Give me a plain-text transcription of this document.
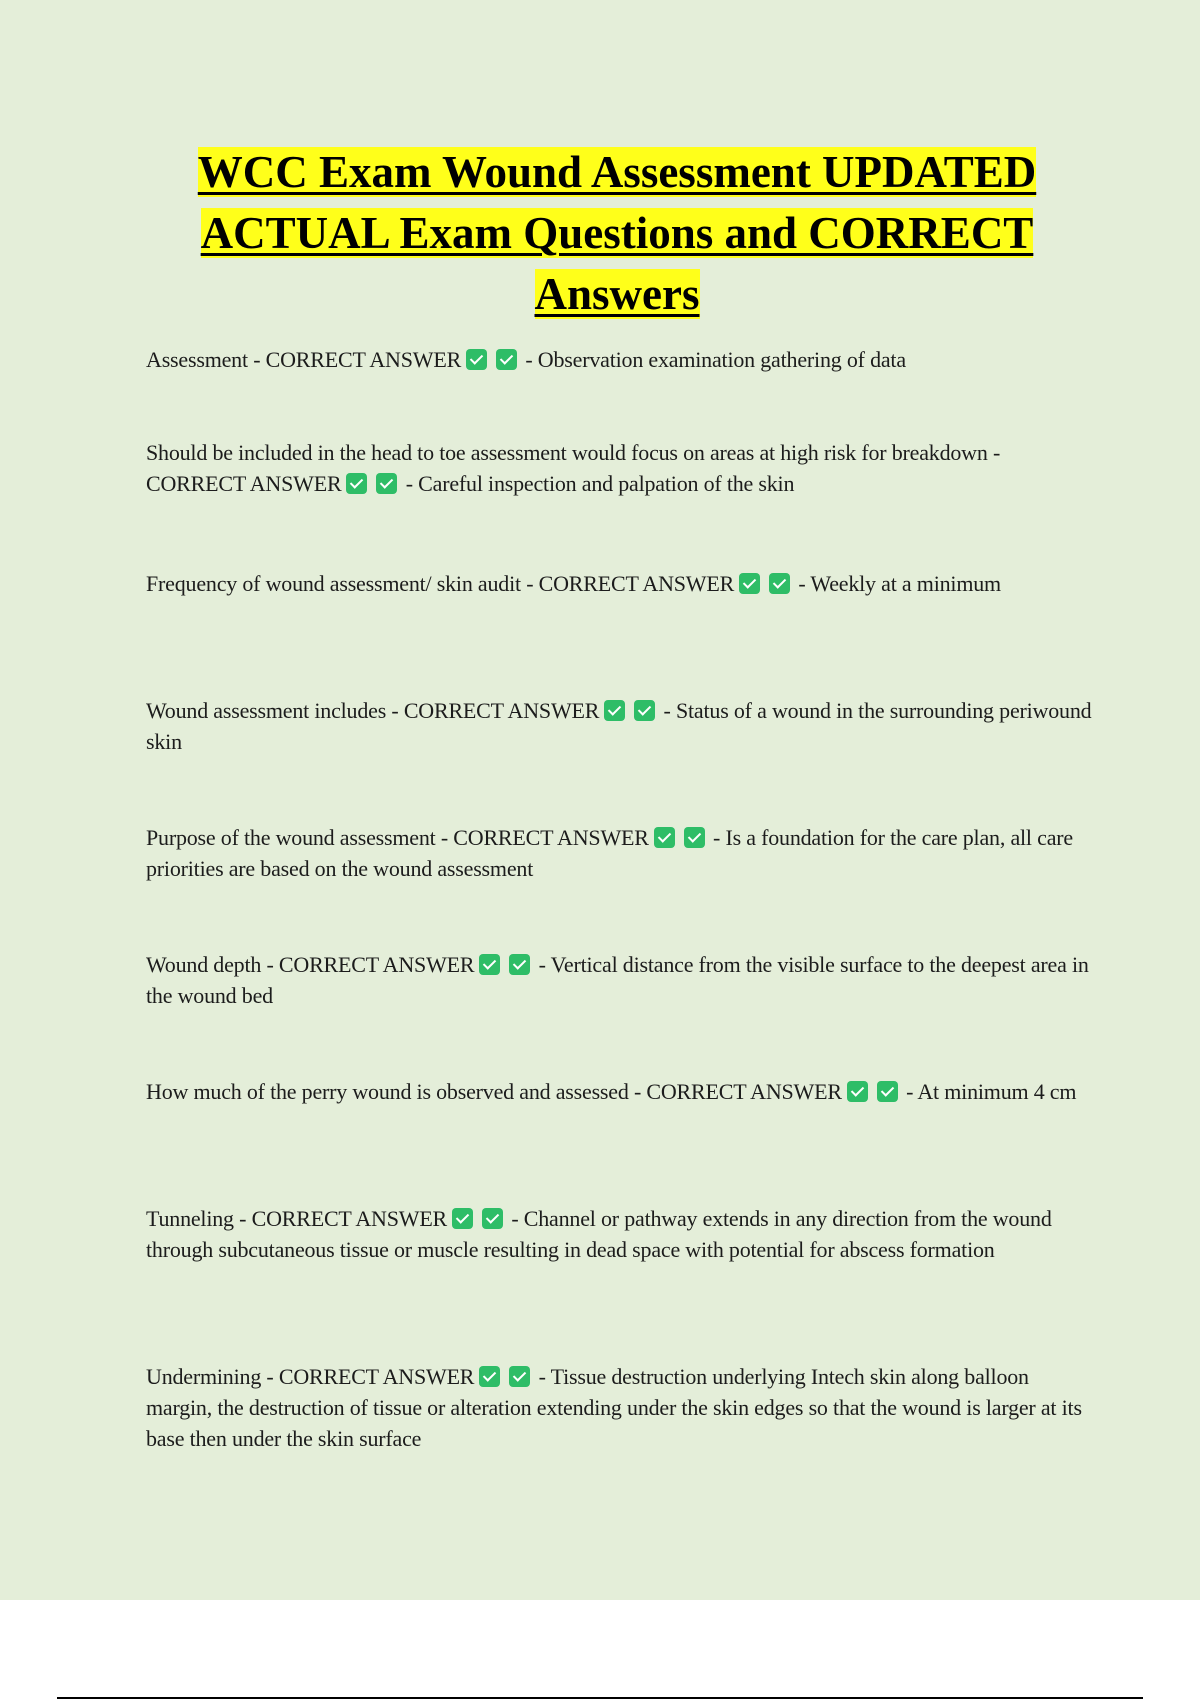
WCC Exam Wound Assessment UPDATED ACTUAL Exam Questions and CORRECT Answers

Assessment - CORRECT ANSWER	- Observation examination gathering of data

Should be included in the head to toe assessment would focus on areas at high risk for breakdown - CORRECT ANSWER	- Careful inspection and palpation of the skin

Frequency of wound assessment/ skin audit - CORRECT ANSWER	- Weekly at a minimum

Wound assessment includes - CORRECT ANSWER	- Status of a wound in the surrounding periwound skin

Purpose of the wound assessment - CORRECT ANSWER	- Is a foundation for the care plan, all care priorities are based on the wound assessment

Wound depth - CORRECT ANSWER	- Vertical distance from the visible surface to the deepest area in the wound bed

How much of the perry wound is observed and assessed - CORRECT ANSWER	- At minimum 4 cm

Tunneling - CORRECT ANSWER	- Channel or pathway extends in any direction from the wound through subcutaneous tissue or muscle resulting in dead space with potential for abscess formation

Undermining - CORRECT ANSWER	- Tissue destruction underlying Intech skin along balloon margin, the destruction of tissue or alteration extending under the skin edges so that the wound is larger at its base then under the skin surface
